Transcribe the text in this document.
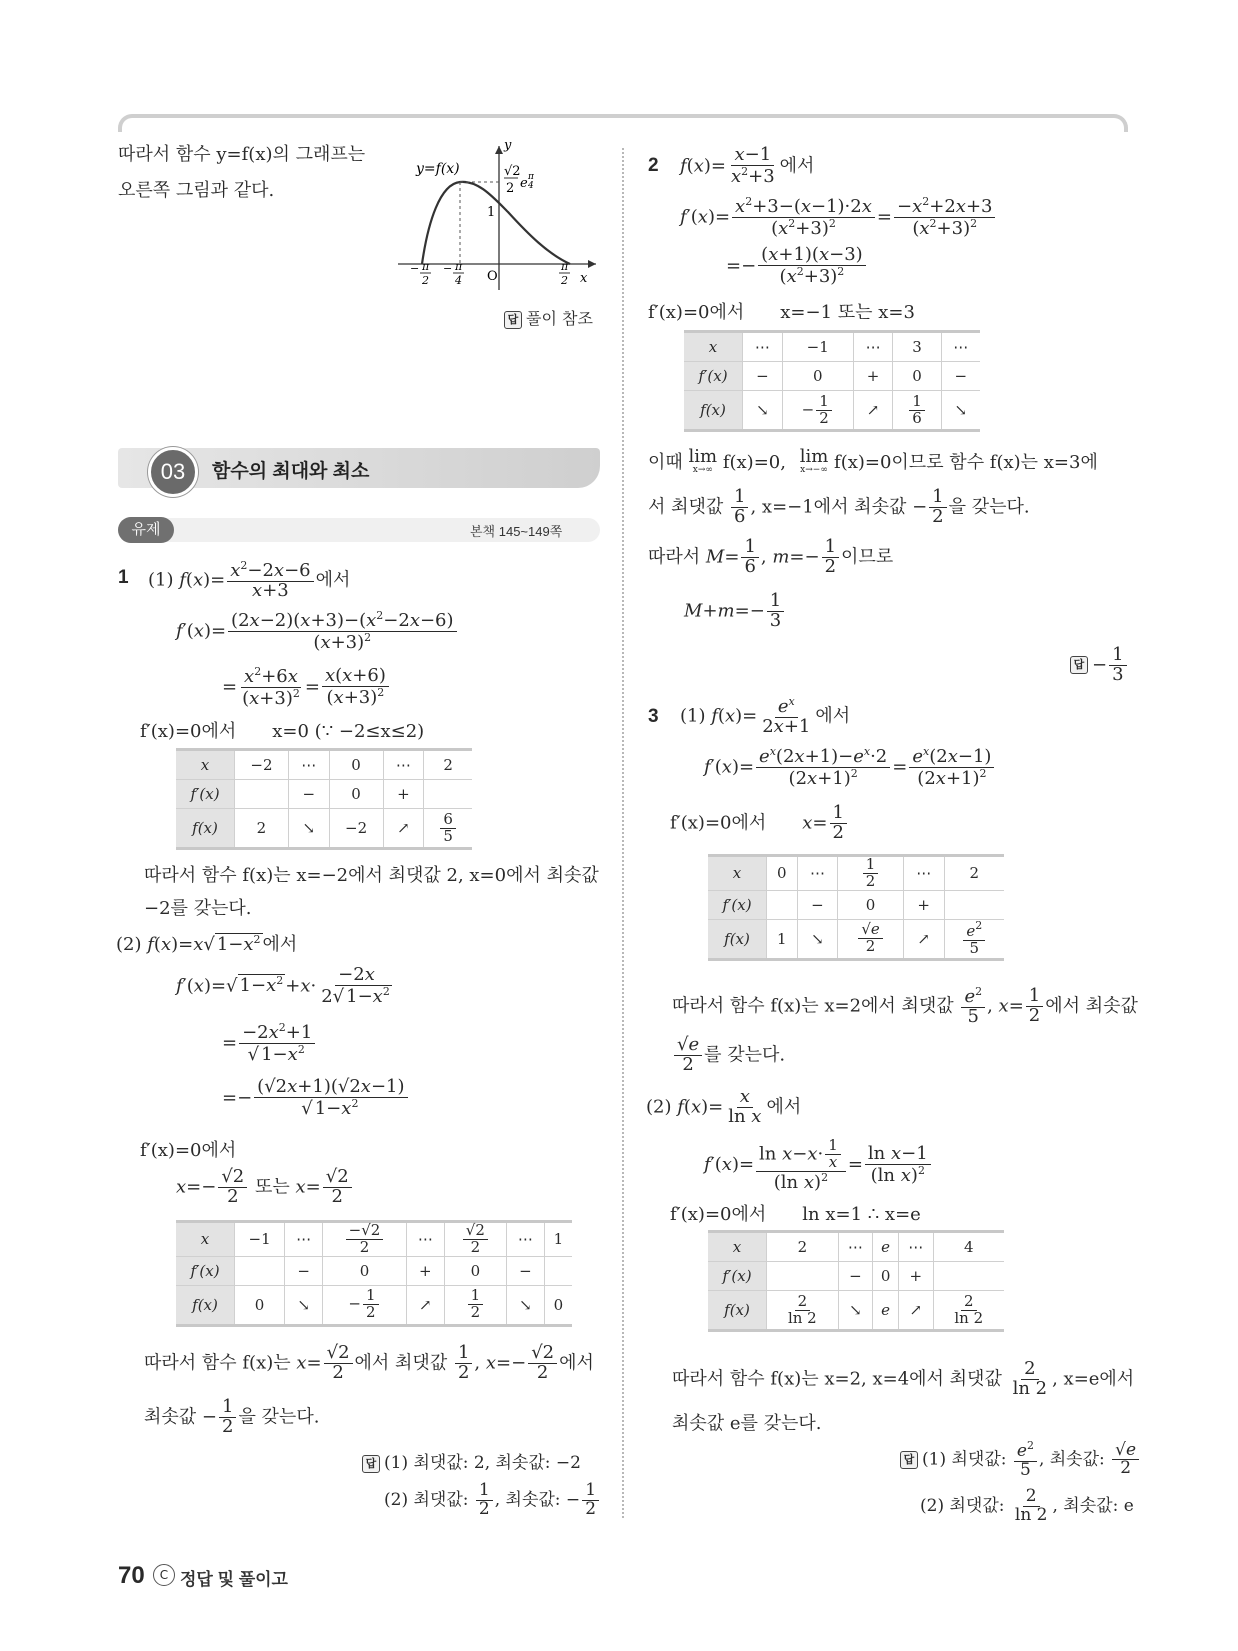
따라서 함수 y=f(x)의 그래프는
오른쪽 그림과 같다.
y
y=f(x)	√2
2 e π
4
1
O	x
− π
2
− π
4
π
2
답 풀이 참조
03	함수의 최대와 최소
유제	본책 145~149쪽
1 (1) $f(x)= \frac{x^2-2x-6}{x+3}$ 에서
$f'(x)= \frac{(2x-2)(x+3)-(x^2-2x-6)}{(x+3)^2}$
= $\frac{x^2+6x}{(x+3)^2} = \frac{x(x+6)}{(x+3)^2}$
f′(x)=0에서 x=0 (∵ −2≤x≤2)
x	−2	⋯	0	⋯	2
f′(x)		−	0	+	
f(x)	2	↘	−2	↗	$\frac{6}{5}$
따라서 함수 f(x)는 x=−2에서 최댓값 2, x=0에서 최솟값
−2를 갖는다.
(2) f(x)=x√ $1-x^2$ 에서
f′(x)=√ $1-x^2 +x\cdot \frac{-2x}{2√ 1-x^2}$
= $\frac{-2x^2+1}{√ 1-x^2}$
=− $\frac{(√2x+1)(√2x-1)}{√ 1-x^2}$
f′(x)=0에서
$x=- \frac{√2}{2}$ 또는 $x= \frac{√2}{2}$
x	−1	⋯	$\frac{-√2}{2}$	⋯	$\frac{√2}{2}$	⋯	1
f′(x)		−	0	+	0	−	
f(x)	0	↘	− $\frac{1}{2}$	↗	$\frac{1}{2}$	↘	0
따라서 함수 f(x)는 $x= \frac{√2}{2}$ 에서 최댓값 $\frac{1}{2}$ , $x=- \frac{√2}{2}$ 에서
최솟값 − $\frac{1}{2}$ 을 갖는다.
답 (1) 최댓값: 2, 최솟값: −2
(2) 최댓값: $\frac{1}{2}$ , 최솟값: − $\frac{1}{2}$
2 $f(x)= \frac{x-1}{x^2+3}$ 에서
$f'(x)= \frac{x^2+3-(x-1)\cdot 2x}{(x^2+3)^2} = \frac{-x^2+2x+3}{(x^2+3)^2}$
=− $\frac{(x+1)(x-3)}{(x^2+3)^2}$
f′(x)=0에서 x=−1 또는 x=3
x	⋯	−1	⋯	3	⋯
f′(x)	−	0	+	0	−
f(x)	↘	− $\frac{1}{2}$	↗	$\frac{1}{6}$	↘
이때 lim
x→∞ f(x)=0, lim
x→−∞ f(x)=0이므로 함수 f(x)는 x=3에
서 최댓값 $\frac{1}{6}$ , x=−1에서 최솟값 − $\frac{1}{2}$ 을 갖는다.
따라서 $M= \frac{1}{6}$ , $m=- \frac{1}{2}$ 이므로
$M+m=- \frac{1}{3}$
답 − $\frac{1}{3}$
3 (1) $f(x)= \frac{e^x}{2x+1}$ 에서
$f'(x)= \frac{e^x(2x+1)-e^x\cdot 2}{(2x+1)^2} = \frac{e^x(2x-1)}{(2x+1)^2}$
f′(x)=0에서 $x= \frac{1}{2}$
x	0	⋯	$\frac{1}{2}$	⋯	2
f′(x)		−	0	+	
f(x)	1	↘	$\frac{√e}{2}$	↗	$\frac{e^2}{5}$
따라서 함수 f(x)는 x=2에서 최댓값 $\frac{e^2}{5}$ , $x= \frac{1}{2}$ 에서 최솟값
$\frac{√e}{2}$ 를 갖는다.
(2) $f(x)= \frac{x}{\text{ln x}}$ 에서
$f'(x)= \frac{\ln x-x\cdot \frac{1}{x}}{(\ln x)^2} = \frac{\text{ln x−1}}{(\ln x)^2}$
f′(x)=0에서 ln x=1 ∴ x=e
x	2	⋯	e	⋯	4
f′(x)		−	0	+	
f(x)	$\frac{2}{\ln 2}$	↘	e	↗	$\frac{2}{\ln 2}$
따라서 함수 f(x)는 x=2, x=4에서 최댓값 $\frac{2}{\ln 2}$ , x=e에서
최솟값 e를 갖는다.
답 (1) 최댓값: $\frac{e^2}{5}$ , 최솟값: $\frac{√e}{2}$
(2) 최댓값: $\frac{2}{\ln 2}$ , 최솟값: e
70	C 정답 및 풀이고
